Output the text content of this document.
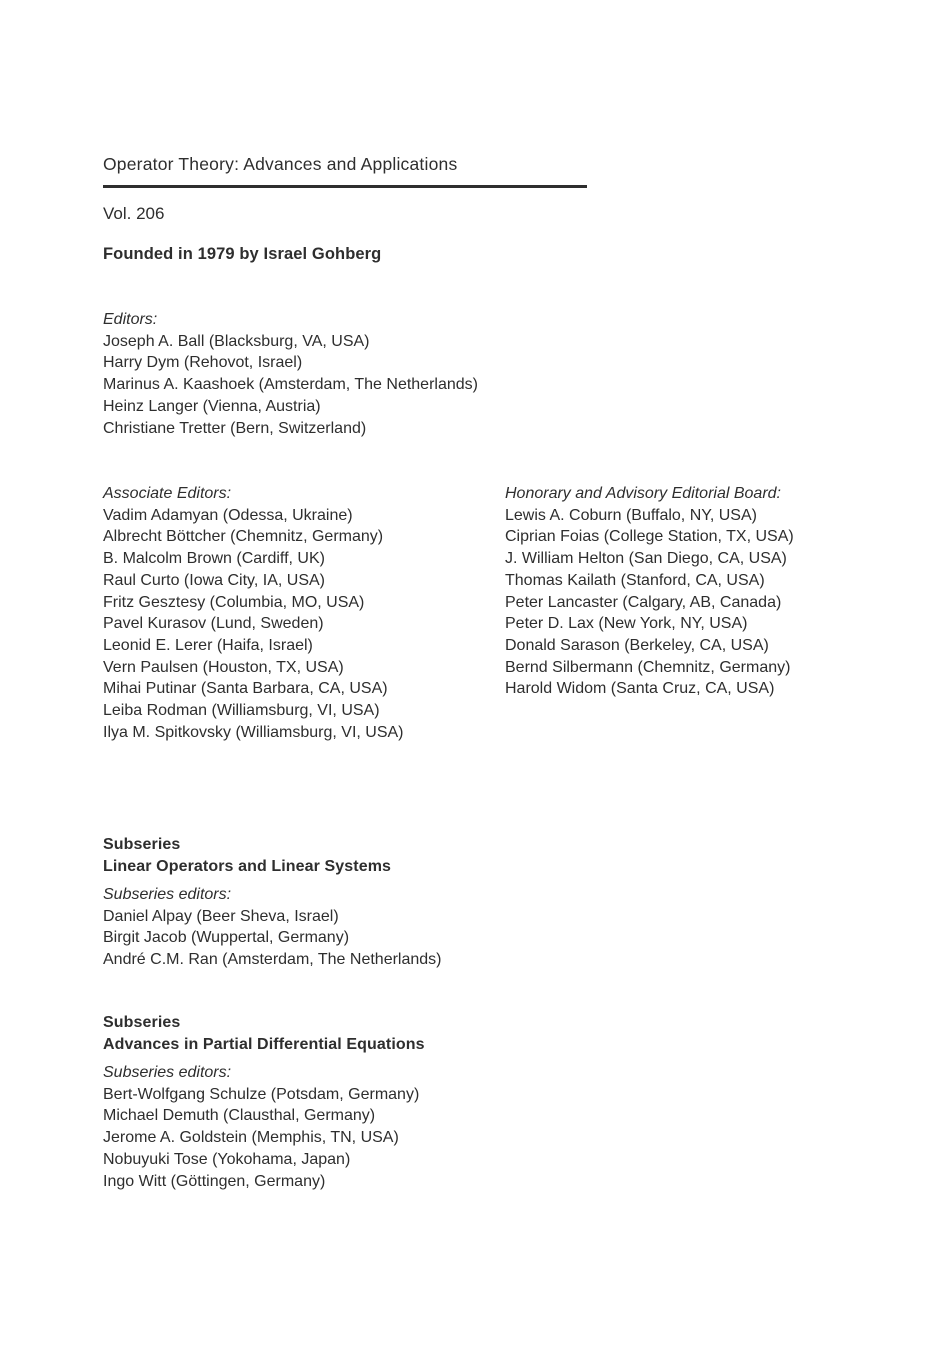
Operator Theory: Advances and Applications
Vol. 206
Founded in 1979 by Israel Gohberg
Editors:
Joseph A. Ball (Blacksburg, VA, USA)
Harry Dym (Rehovot, Israel)
Marinus A. Kaashoek (Amsterdam, The Netherlands)
Heinz Langer (Vienna, Austria)
Christiane Tretter (Bern, Switzerland)
Associate Editors:
Vadim Adamyan (Odessa, Ukraine)
Albrecht Böttcher (Chemnitz, Germany)
B. Malcolm Brown (Cardiff, UK)
Raul Curto (Iowa City, IA, USA)
Fritz Gesztesy (Columbia, MO, USA)
Pavel Kurasov (Lund, Sweden)
Leonid E. Lerer (Haifa, Israel)
Vern Paulsen (Houston, TX, USA)
Mihai Putinar (Santa Barbara, CA, USA)
Leiba Rodman (Williamsburg, VI, USA)
Ilya M. Spitkovsky (Williamsburg, VI, USA)
Honorary and Advisory Editorial Board:
Lewis A. Coburn (Buffalo, NY, USA)
Ciprian Foias (College Station, TX, USA)
J. William Helton (San Diego, CA, USA)
Thomas Kailath (Stanford, CA, USA)
Peter Lancaster (Calgary, AB, Canada)
Peter D. Lax (New York, NY, USA)
Donald Sarason (Berkeley, CA, USA)
Bernd Silbermann (Chemnitz, Germany)
Harold Widom (Santa Cruz, CA, USA)
Subseries
Linear Operators and Linear Systems
Subseries editors:
Daniel Alpay (Beer Sheva, Israel)
Birgit Jacob (Wuppertal, Germany)
André C.M. Ran (Amsterdam, The Netherlands)
Subseries
Advances in Partial Differential Equations
Subseries editors:
Bert-Wolfgang Schulze (Potsdam, Germany)
Michael Demuth (Clausthal, Germany)
Jerome A. Goldstein (Memphis, TN, USA)
Nobuyuki Tose (Yokohama, Japan)
Ingo Witt (Göttingen, Germany)
